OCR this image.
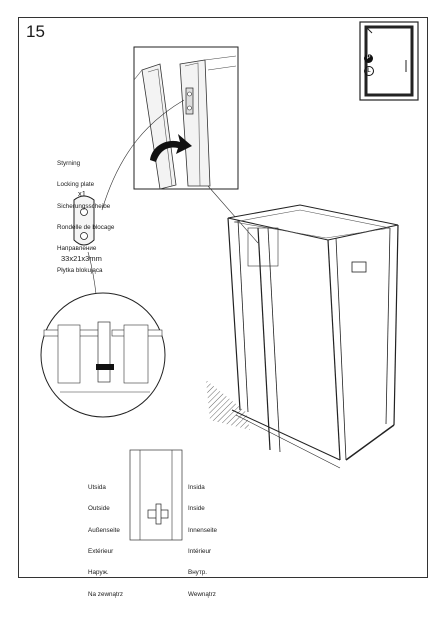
15
P
L

Styrning

Locking plate

Sicherungsscheibe

Rondelle de blocage

Направление

Płytka blokująca

x1
33x21x3mm

Utsida

Outside

Außenseite

Extérieur

Наруж.

Na zewnątrz

Insida

Inside

Innenseite

Intérieur

Внутр.

Wewnątrz
